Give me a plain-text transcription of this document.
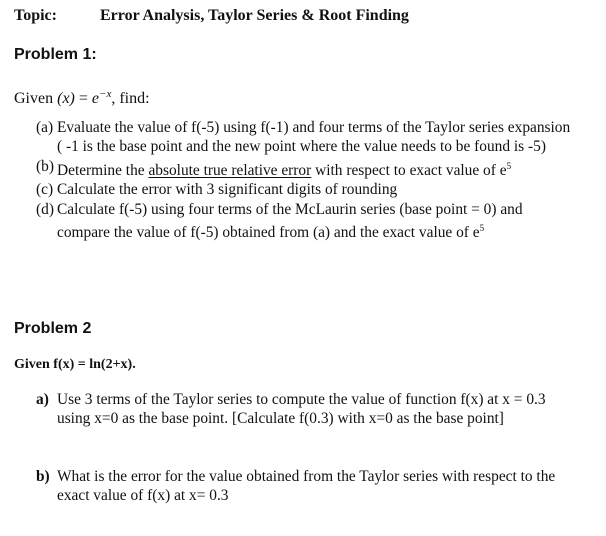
Topic:	Error Analysis, Taylor Series & Root Finding
Problem 1:
Given $(x) = e^{-x}$, find:
(a) Evaluate the value of f(-5) using f(-1) and four terms of the Taylor series expansion ( -1 is the base point and the new point where the value needs to be found is -5)
(b) Determine the absolute true relative error with respect to exact value of $e^5$
(c) Calculate the error with 3 significant digits of rounding
(d) Calculate f(-5) using four terms of the McLaurin series (base point = 0) and compare the value of f(-5) obtained from (a) and the exact value of $e^5$
Problem 2
Given f(x) = ln(2+x).
a) Use 3 terms of the Taylor series to compute the value of function f(x) at x = 0.3 using x=0 as the base point. [Calculate f(0.3) with x=0 as the base point]
b) What is the error for the value obtained from the Taylor series with respect to the exact value of f(x) at x= 0.3
